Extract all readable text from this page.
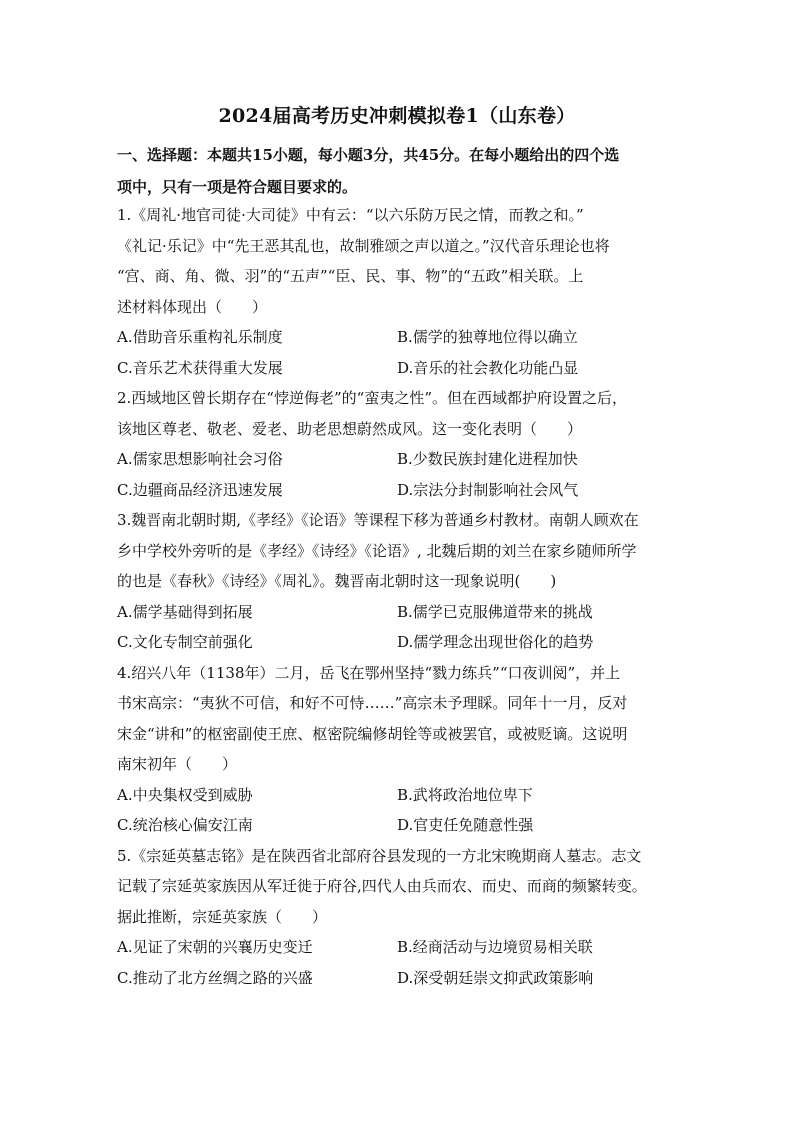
2024届高考历史冲刺模拟卷1（山东卷）
一、选择题：本题共15小题，每小题3分，共45分。在每小题给出的四个选
项中，只有一项是符合题目要求的。

1.《周礼·地官司徒·大司徒》中有云：“以六乐防万民之情，而教之和。”

《礼记·乐记》中“先王恶其乱也，故制雅颂之声以道之。”汉代音乐理论也将

“宫、商、角、微、羽”的“五声”“臣、民、事、物”的“五政”相关联。上

述材料体现出（　　）

A.借助音乐重构礼乐制度	B.儒学的独尊地位得以确立

C.音乐艺术获得重大发展	D.音乐的社会教化功能凸显

2.西域地区曾长期存在“悖逆侮老”的“蛮夷之性”。但在西域都护府设置之后，

该地区尊老、敬老、爱老、助老思想蔚然成风。这一变化表明（　　）

A.儒家思想影响社会习俗	B.少数民族封建化进程加快

C.边疆商品经济迅速发展	D.宗法分封制影响社会风气

3.魏晋南北朝时期,《孝经》《论语》等课程下移为普通乡村教材。南朝人顾欢在

乡中学校外旁听的是《孝经》《诗经》《论语》, 北魏后期的刘兰在家乡随师所学

的也是《春秋》《诗经》《周礼》。魏晋南北朝时这一现象说明(　　)

A.儒学基础得到拓展	B.儒学已克服佛道带来的挑战

C.文化专制空前强化	D.儒学理念出现世俗化的趋势

4.绍兴八年（1138年）二月，岳飞在鄂州坚持“戮力练兵”“口夜训阅”，并上

书宋高宗：“夷狄不可信，和好不可恃……”高宗未予理睬。同年十一月，反对

宋金“讲和”的枢密副使王庶、枢密院编修胡铨等或被罢官，或被贬谪。这说明

南宋初年（　　）

A.中央集权受到威胁	B.武将政治地位卑下

C.统治核心偏安江南	D.官吏任免随意性强

5.《宗延英墓志铭》是在陕西省北部府谷县发现的一方北宋晚期商人墓志。志文

记载了宗延英家族因从军迁徙于府谷,四代人由兵而农、而史、而商的频繁转变。

据此推断，宗延英家族（　　）

A.见证了宋朝的兴襄历史变迁	B.经商活动与边境贸易相关联

C.推动了北方丝绸之路的兴盛	D.深受朝廷崇文抑武政策影响
